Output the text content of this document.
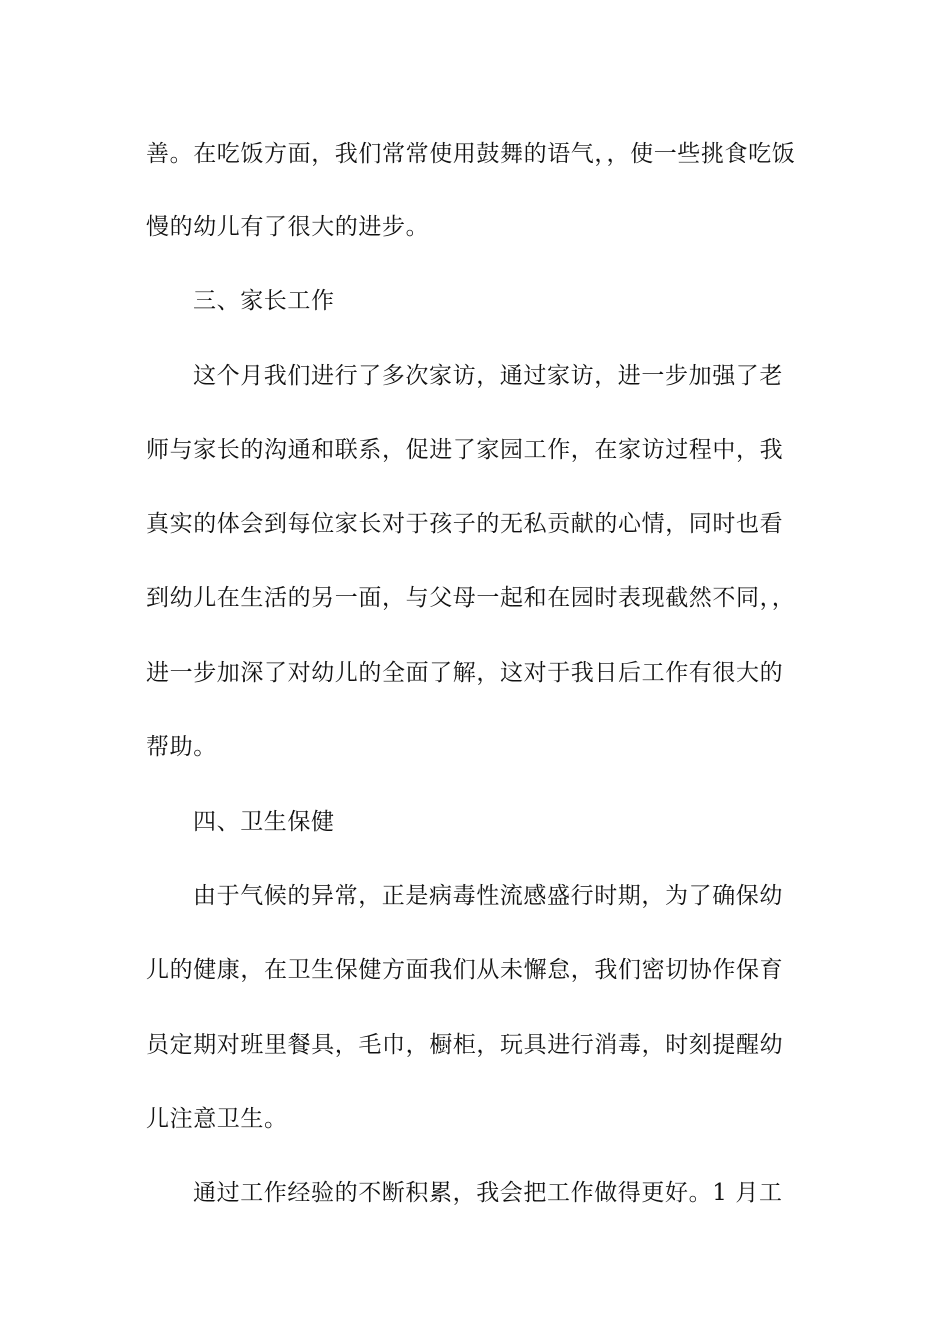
善。在吃饭方面，我们常常使用鼓舞的语气，，使一些挑食吃饭
慢的幼儿有了很大的进步。
三、家长工作
这个月我们进行了多次家访，通过家访，进一步加强了老
师与家长的沟通和联系，促进了家园工作，在家访过程中，我
真实的体会到每位家长对于孩子的无私贡献的心情，同时也看
到幼儿在生活的另一面，与父母一起和在园时表现截然不同，，
进一步加深了对幼儿的全面了解，这对于我日后工作有很大的
帮助。
四、卫生保健
由于气候的异常，正是病毒性流感盛行时期，为了确保幼
儿的健康，在卫生保健方面我们从未懈怠，我们密切协作保育
员定期对班里餐具，毛巾，橱柜，玩具进行消毒，时刻提醒幼
儿注意卫生。
通过工作经验的不断积累，我会把工作做得更好。1 月工
